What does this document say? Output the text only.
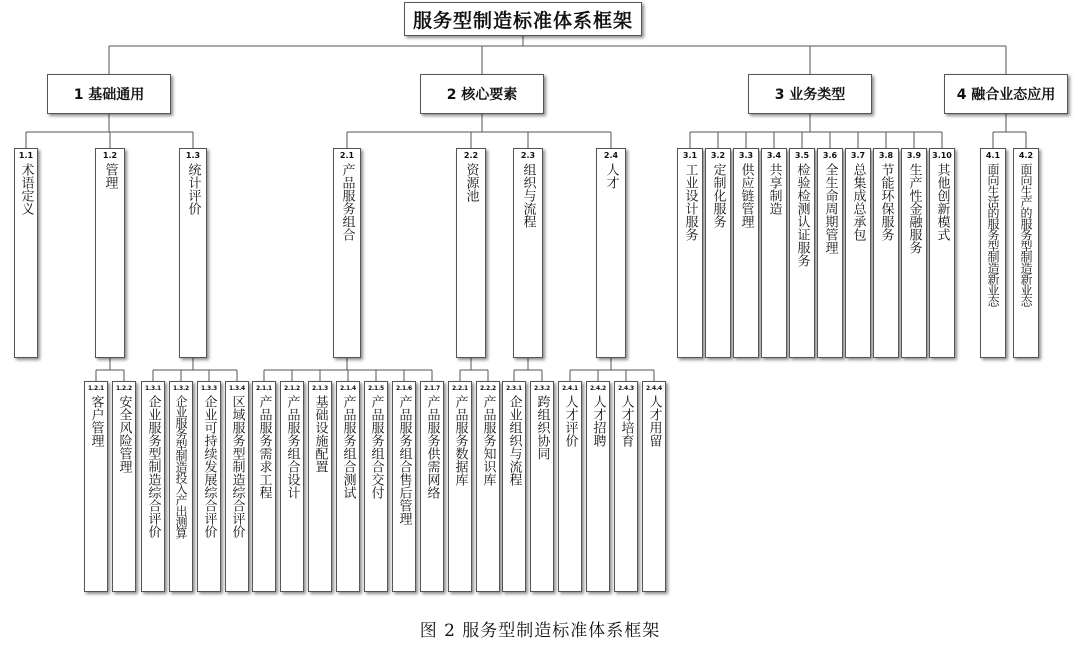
服务型制造标准体系框架
1 基础通用	2 核心要素	3 业务类型	4 融合业态应用
1.1
术语定义
1.2
管理
1.3
统计评价
2.1
产品服务组合
2.2
资源池
2.3
组织与流程
2.4
人才
3.1
工业设计服务
3.2
定制化服务
3.3
供应链管理
3.4
共享制造
3.5
检验检测认证服务
3.6
全生命周期管理
3.7
总集成总承包
3.8
节能环保服务
3.9
生产性金融服务
3.10
其他创新模式
4.1
面向生活的服务型制造新业态
4.2
面向生产的服务型制造新业态
1.2.1
客户管理
1.2.2
安全风险管理
1.3.1
企业服务型制造综合评价
1.3.2
企业服务型制造投入产出测算
1.3.3
企业可持续发展综合评价
1.3.4
区域服务型制造综合评价
2.1.1
产品服务需求工程
2.1.2
产品服务组合设计
2.1.3
基础设施配置
2.1.4
产品服务组合测试
2.1.5
产品服务组合交付
2.1.6
产品服务组合售后管理
2.1.7
产品服务供需网络
2.2.1
产品服务数据库
2.2.2
产品服务知识库
2.3.1
企业组织与流程
2.3.2
跨组织协同
2.4.1
人才评价
2.4.2
人才招聘
2.4.3
人才培育
2.4.4
人才用留
图 2 服务型制造标准体系框架
